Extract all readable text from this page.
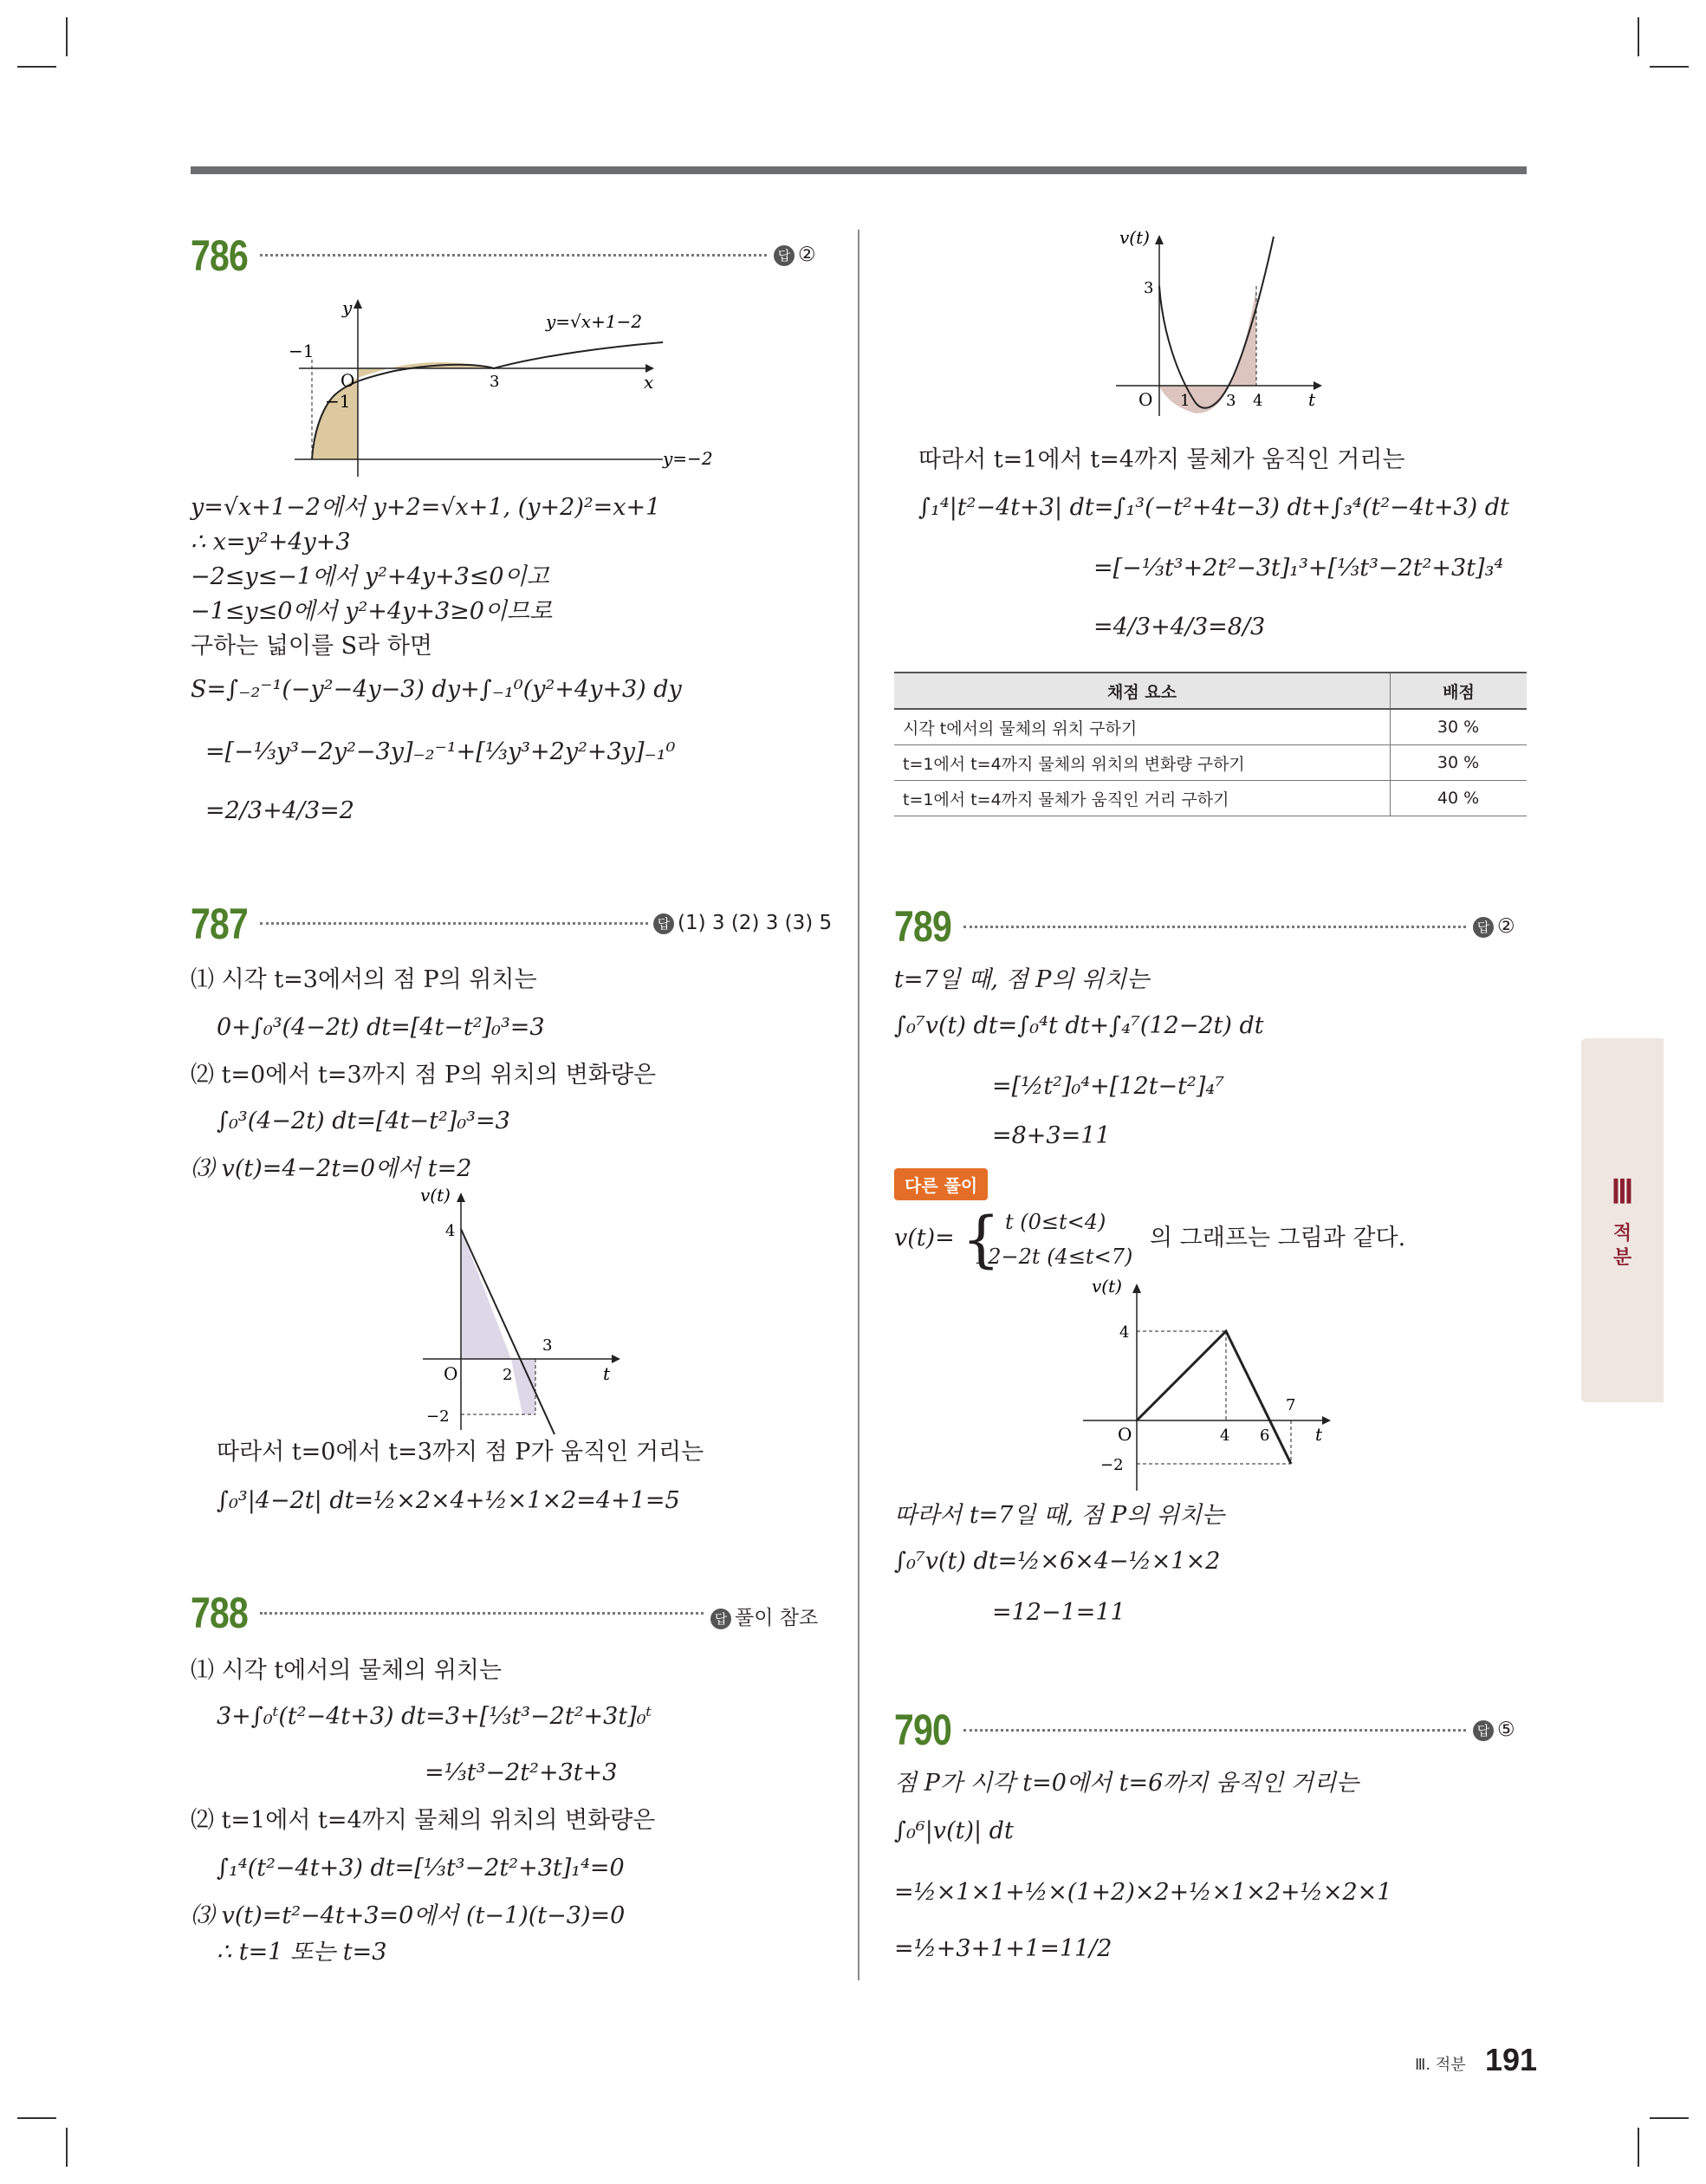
786	답 ②
y
x
O
−1
3
−1
y=√x+1−2
y=−2
y=√x+1−2에서 y+2=√x+1, (y+2)²=x+1
∴ x=y²+4y+3
−2≤y≤−1에서 y²+4y+3≤0이고
−1≤y≤0에서 y²+4y+3≥0이므로
구하는 넓이를 S라 하면
S=∫₋₂⁻¹(−y²−4y−3) dy+∫₋₁⁰(y²+4y+3) dy
=[−⅓y³−2y²−3y]₋₂⁻¹+[⅓y³+2y²+3y]₋₁⁰
=2/3+4/3=2
787	답 (1) 3 (2) 3 (3) 5
⑴ 시각 t=3에서의 점 P의 위치는
0+∫₀³(4−2t) dt=[4t−t²]₀³=3
⑵ t=0에서 t=3까지 점 P의 위치의 변화량은
∫₀³(4−2t) dt=[4t−t²]₀³=3
⑶ v(t)=4−2t=0에서 t=2
v(t)
4
O	2
3
t
−2
따라서 t=0에서 t=3까지 점 P가 움직인 거리는
∫₀³|4−2t| dt=½×2×4+½×1×2=4+1=5
788	답 풀이 참조
⑴ 시각 t에서의 물체의 위치는
3+∫₀ᵗ(t²−4t+3) dt=3+[⅓t³−2t²+3t]₀ᵗ
=⅓t³−2t²+3t+3
⑵ t=1에서 t=4까지 물체의 위치의 변화량은
∫₁⁴(t²−4t+3) dt=[⅓t³−2t²+3t]₁⁴=0
⑶ v(t)=t²−4t+3=0에서 (t−1)(t−3)=0
∴ t=1 또는 t=3
v(t)
3
O 1 3 4	t
따라서 t=1에서 t=4까지 물체가 움직인 거리는
∫₁⁴|t²−4t+3| dt=∫₁³(−t²+4t−3) dt+∫₃⁴(t²−4t+3) dt
=[−⅓t³+2t²−3t]₁³+[⅓t³−2t²+3t]₃⁴
=4/3+4/3=8/3
채점 요소	배점
시각 t에서의 물체의 위치 구하기	30 %
t=1에서 t=4까지 물체의 위치의 변화량 구하기	30 %
t=1에서 t=4까지 물체가 움직인 거리 구하기	40 %
789	답 ②
t=7일 때, 점 P의 위치는
∫₀⁷v(t) dt=∫₀⁴t dt+∫₄⁷(12−2t) dt
=[½t²]₀⁴+[12t−t²]₄⁷
=8+3=11
다른 풀이
v(t)= { t (0≤t<4)
12−2t (4≤t<7)
의 그래프는 그림과 같다.
v(t)
4
O	4 6
7
t
−2
따라서 t=7일 때, 점 P의 위치는
∫₀⁷v(t) dt=½×6×4−½×1×2
=12−1=11
790	답 ⑤
점 P가 시각 t=0에서 t=6까지 움직인 거리는
∫₀⁶|v(t)| dt
=½×1×1+½×(1+2)×2+½×1×2+½×2×1
=½+3+1+1=11/2
Ⅲ
적
분
Ⅲ. 적분 191
